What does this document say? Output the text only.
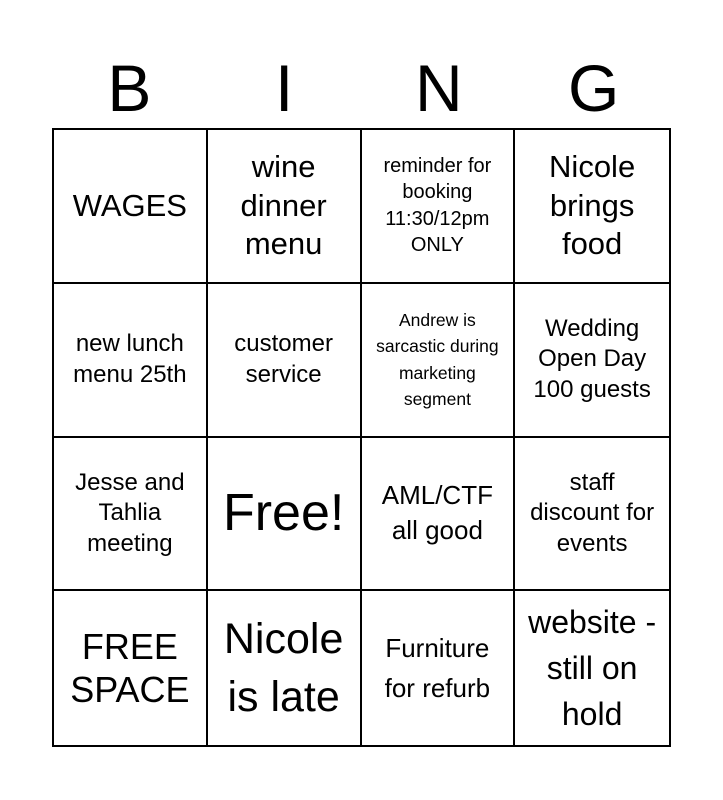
B	I	N	G
WAGES
wine dinner menu
reminder for booking 11:30/12pm ONLY
Nicole brings food
new lunch menu 25th
customer service
Andrew is sarcastic during marketing segment
Wedding Open Day 100 guests
Jesse and Tahlia meeting
Free!	AML/CTF all good
staff discount for events
FREE SPACE
Nicole is late
Furniture for refurb
website - still on hold
